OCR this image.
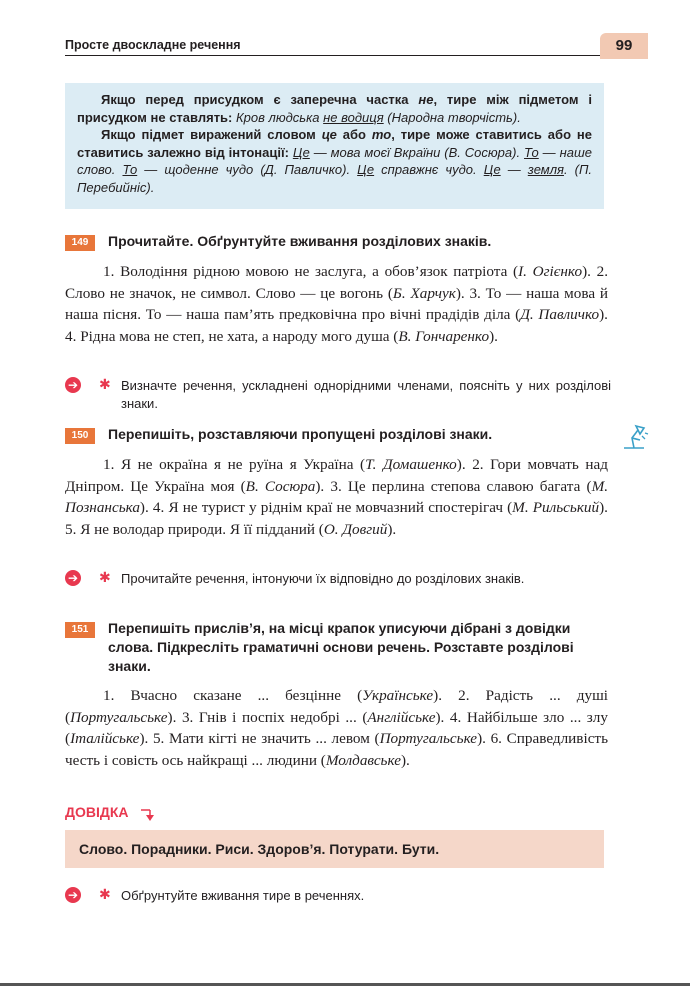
Просте двоскладне речення	99

Якщо перед присудком є заперечна частка не, тире між підметом і присудком не ставлять: Кров людська не водиця (Народна творчість).

Якщо підмет виражений словом це або то, тире може ставитись або не ставитись залежно від інтонації: Це — мова моєї Вкраїни (В. Сосюра). То — наше слово. То — щоденне чудо (Д. Павличко). Це справжнє чудо. Це — земля. (П. Перебийніс).

149 Прочитайте. Обґрунтуйте вживання розділових знаків.

1. Володіння рідною мовою не заслуга, а обов’язок патріота (І. Огієнко). 2. Слово не значок, не символ. Слово — це вогонь (Б. Харчук). 3. То — наша мова й наша пісня. То — наша пам’ять предковічна про вічні прадідів діла (Д. Павличко). 4. Рідна мова не степ, не хата, а народу мого душа (В. Гончаренко).

➔ ✱ Визначте речення, ускладнені однорідними членами, поясніть у них розділові знаки.
150 Перепишіть, розставляючи пропущені розділові знаки.

1. Я не окраїна я не руїна я Україна (Т. Домашенко). 2. Гори мовчать над Дніпром. Це Україна моя (В. Сосюра). 3. Це перлина степова славою багата (М. Познанська). 4. Я не турист у ріднім краї не мовчазний спостерігач (М. Рильський). 5. Я не володар природи. Я її підданий (О. Довгий).

➔ ✱ Прочитайте речення, інтонуючи їх відповідно до розділових знаків.
151 Перепишіть прислів’я, на місці крапок уписуючи дібрані з довідки слова. Підкресліть граматичні основи речень. Розставте розділові знаки.

1. Вчасно сказане ... безцінне (Українське). 2. Радість ... душі (Португальське). 3. Гнів і поспіх недобрі ... (Англійське). 4. Найбільше зло ... злу (Італійське). 5. Мати кігті не значить ... левом (Португальське). 6. Справедливість честь і совість ось найкращі ... людини (Молдавське).

ДОВІДКА
Слово. Порадники. Риси. Здоров’я. Потурати. Бути.
➔ ✱ Обґрунтуйте вживання тире в реченнях.
